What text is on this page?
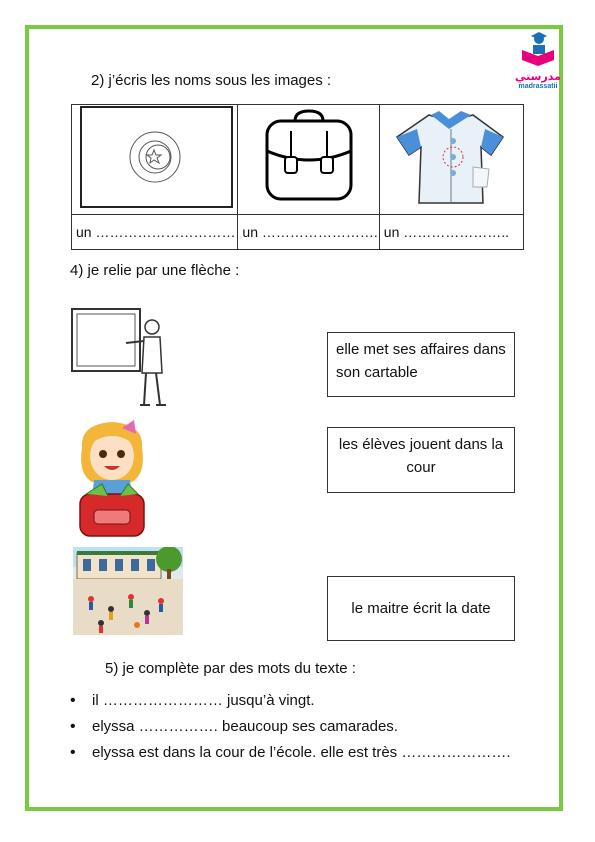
مدرستي
madrassatii
2) j’écris les noms sous les images :

un …………………………	un …………………….	un …………………..
4) je relie par une flèche :
elle met ses affaires dans son cartable
les élèves jouent dans la cour
le maitre écrit la date
5) je complète par des mots du texte :
• il …………………… jusqu’à vingt.
• elyssa ……………. beaucoup ses camarades.
• elyssa est dans la cour de l’école. elle est très ………………….
